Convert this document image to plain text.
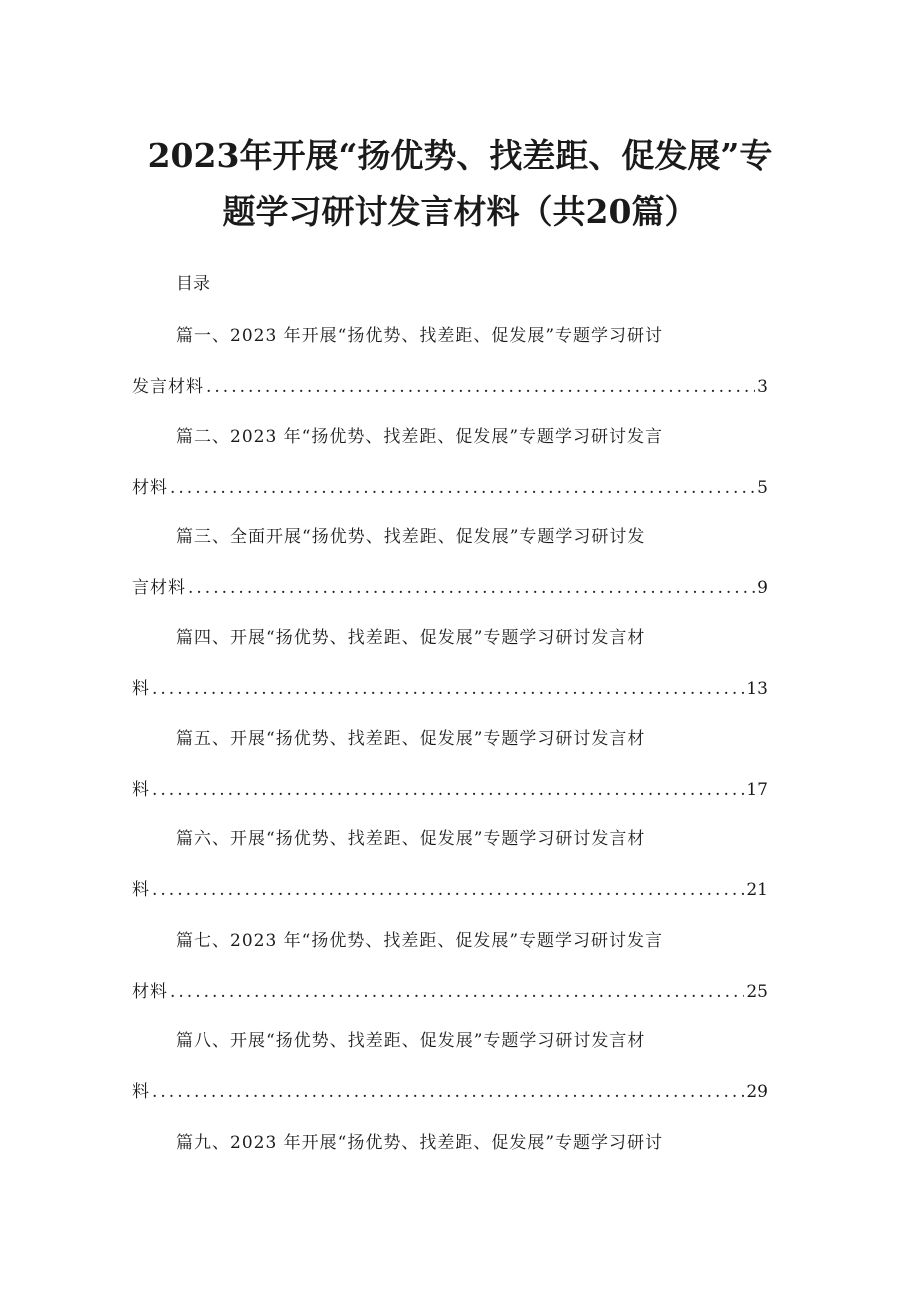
2023年开展“扬优势、找差距、促发展”专
题学习研讨发言材料（共20篇）

目录

篇一、2023 年开展“扬优势、找差距、促发展”专题学习研讨
发言材料 .....	3
篇二、2023 年“扬优势、找差距、促发展”专题学习研讨发言
材料 .....	5
篇三、全面开展“扬优势、找差距、促发展”专题学习研讨发
言材料 .....	9
篇四、开展“扬优势、找差距、促发展”专题学习研讨发言材
料 .....	13
篇五、开展“扬优势、找差距、促发展”专题学习研讨发言材
料 .....	17
篇六、开展“扬优势、找差距、促发展”专题学习研讨发言材
料 .....	21
篇七、2023 年“扬优势、找差距、促发展”专题学习研讨发言
材料 .....	25
篇八、开展“扬优势、找差距、促发展”专题学习研讨发言材
料 .....	29
篇九、2023 年开展“扬优势、找差距、促发展”专题学习研讨
